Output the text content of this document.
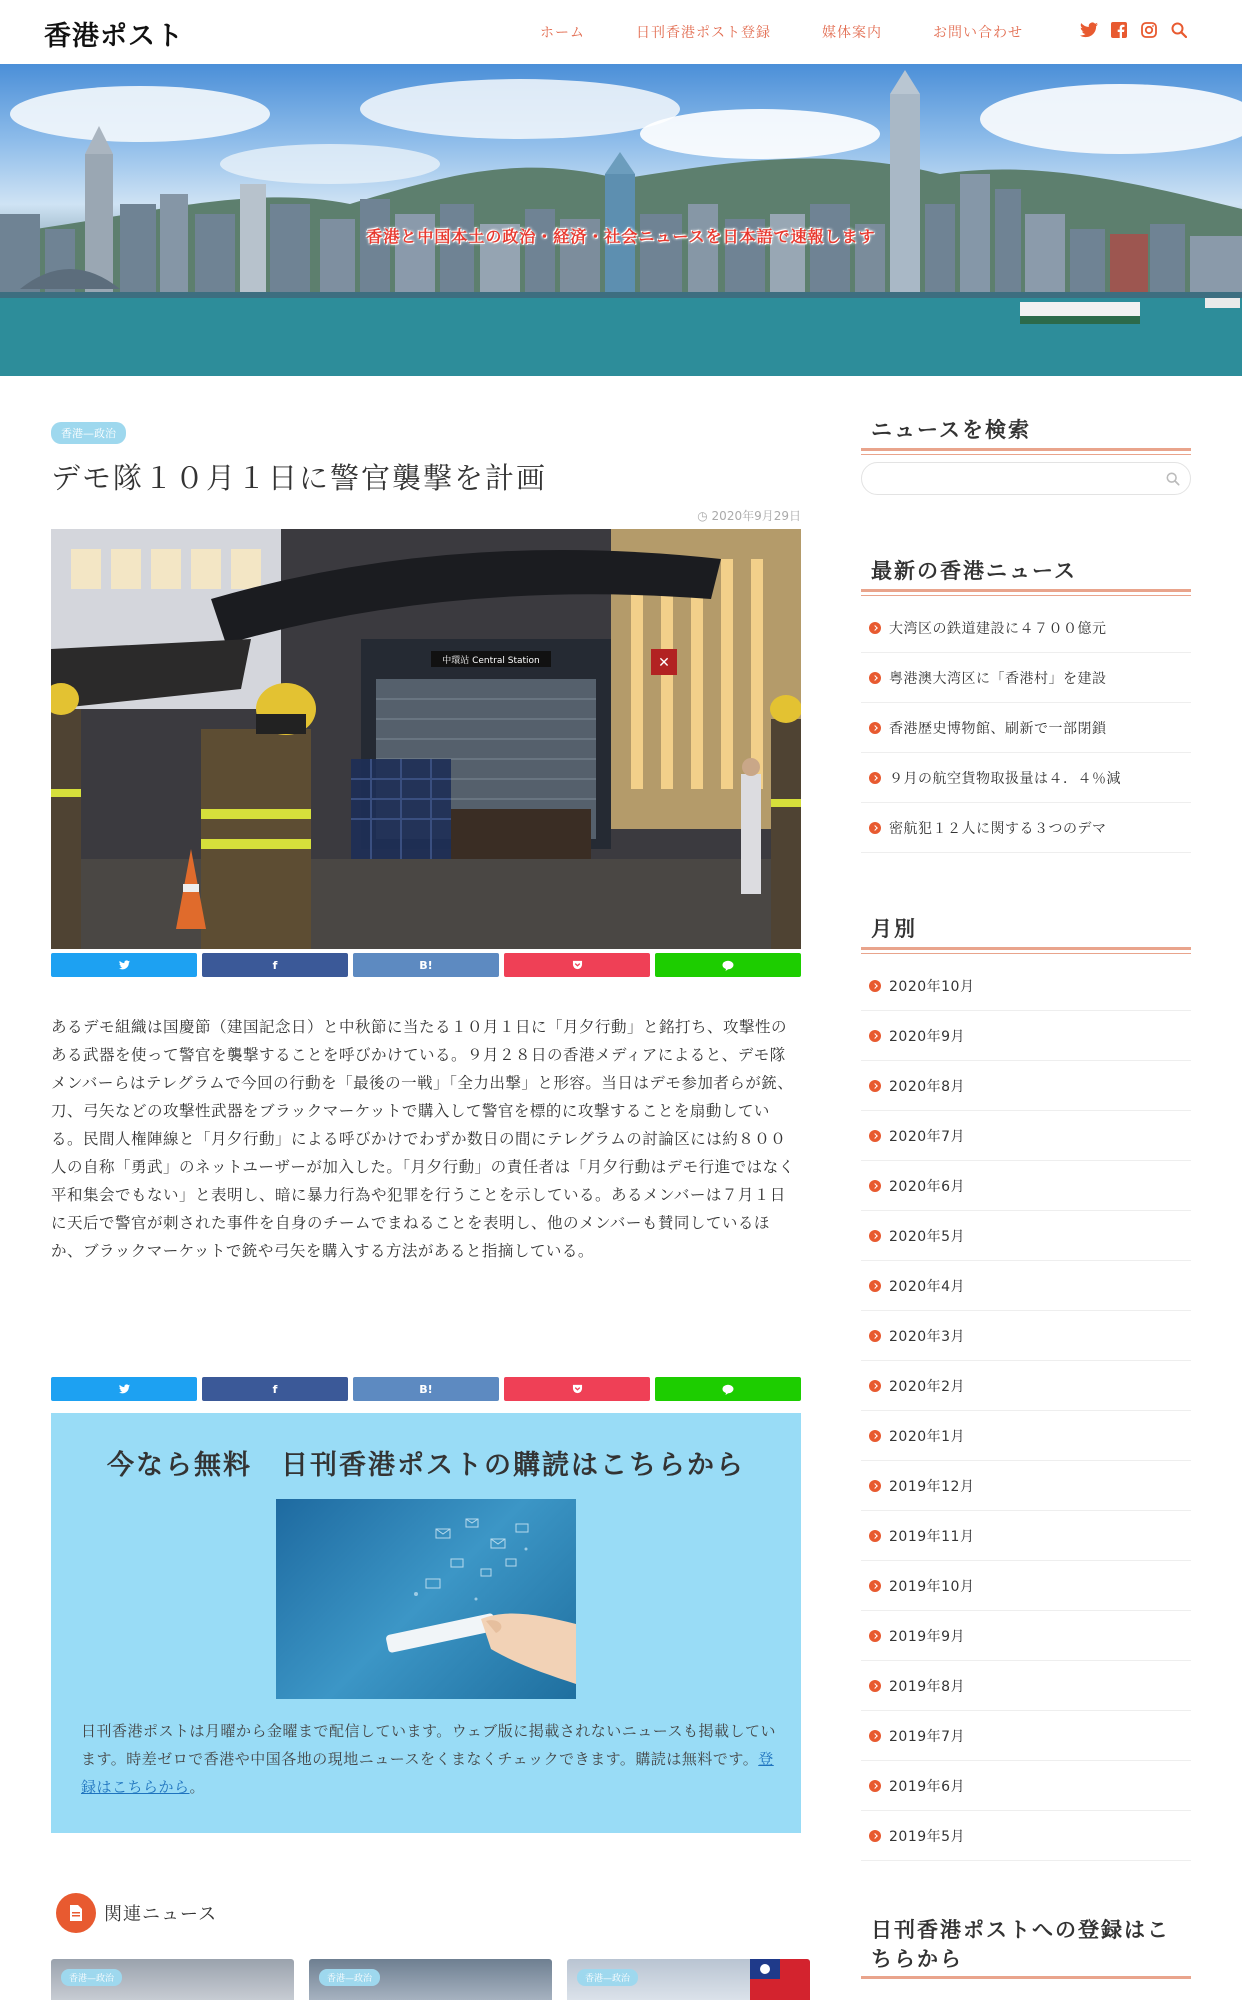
香港ポスト	ホーム	日刊香港ポスト登録	媒体案内	お問い合わせ
香港と中国本土の政治・経済・社会ニュースを日本語で速報します
香港—政治
デモ隊１０月１日に警官襲撃を計画
◷ 2020年9月29日
中環站 Central Station	✕
f	B!

あるデモ組織は国慶節（建国記念日）と中秋節に当たる１０月１日に「月夕行動」と銘打ち、攻撃性のある武器を使って警官を襲撃することを呼びかけている。９月２８日の香港メディアによると、デモ隊メンバーらはテレグラムで今回の行動を「最後の一戦」「全力出撃」と形容。当日はデモ参加者らが銃、刀、弓矢などの攻撃性武器をブラックマーケットで購入して警官を標的に攻撃することを扇動している。民間人権陣線と「月夕行動」による呼びかけでわずか数日の間にテレグラムの討論区には約８００人の自称「勇武」のネットユーザーが加入した。「月夕行動」の責任者は「月夕行動はデモ行進ではなく平和集会でもない」と表明し、暗に暴力行為や犯罪を行うことを示している。あるメンバーは７月１日に天后で警官が刺された事件を自身のチームでまねることを表明し、他のメンバーも賛同しているほか、ブラックマーケットで銃や弓矢を購入する方法があると指摘している。

f	B!
今なら無料　日刊香港ポストの購読はこちらから

日刊香港ポストは月曜から金曜まで配信しています。ウェブ版に掲載されないニュースも掲載しています。時差ゼロで香港や中国各地の現地ニュースをくまなくチェックできます。購読は無料です。登録はこちらから。

関連ニュース
香港—政治	香港—政治	香港—政治
ニュースを検索
最新の香港ニュース
大湾区の鉄道建設に４７００億元
粤港澳大湾区に「香港村」を建設
香港歴史博物館、刷新で一部閉鎖
９月の航空貨物取扱量は４．４％減
密航犯１２人に関する３つのデマ
月別
2020年10月
2020年9月
2020年8月
2020年7月
2020年6月
2020年5月
2020年4月
2020年3月
2020年2月
2020年1月
2019年12月
2019年11月
2019年10月
2019年9月
2019年8月
2019年7月
2019年6月
2019年5月
日刊香港ポストへの登録はこちらから
